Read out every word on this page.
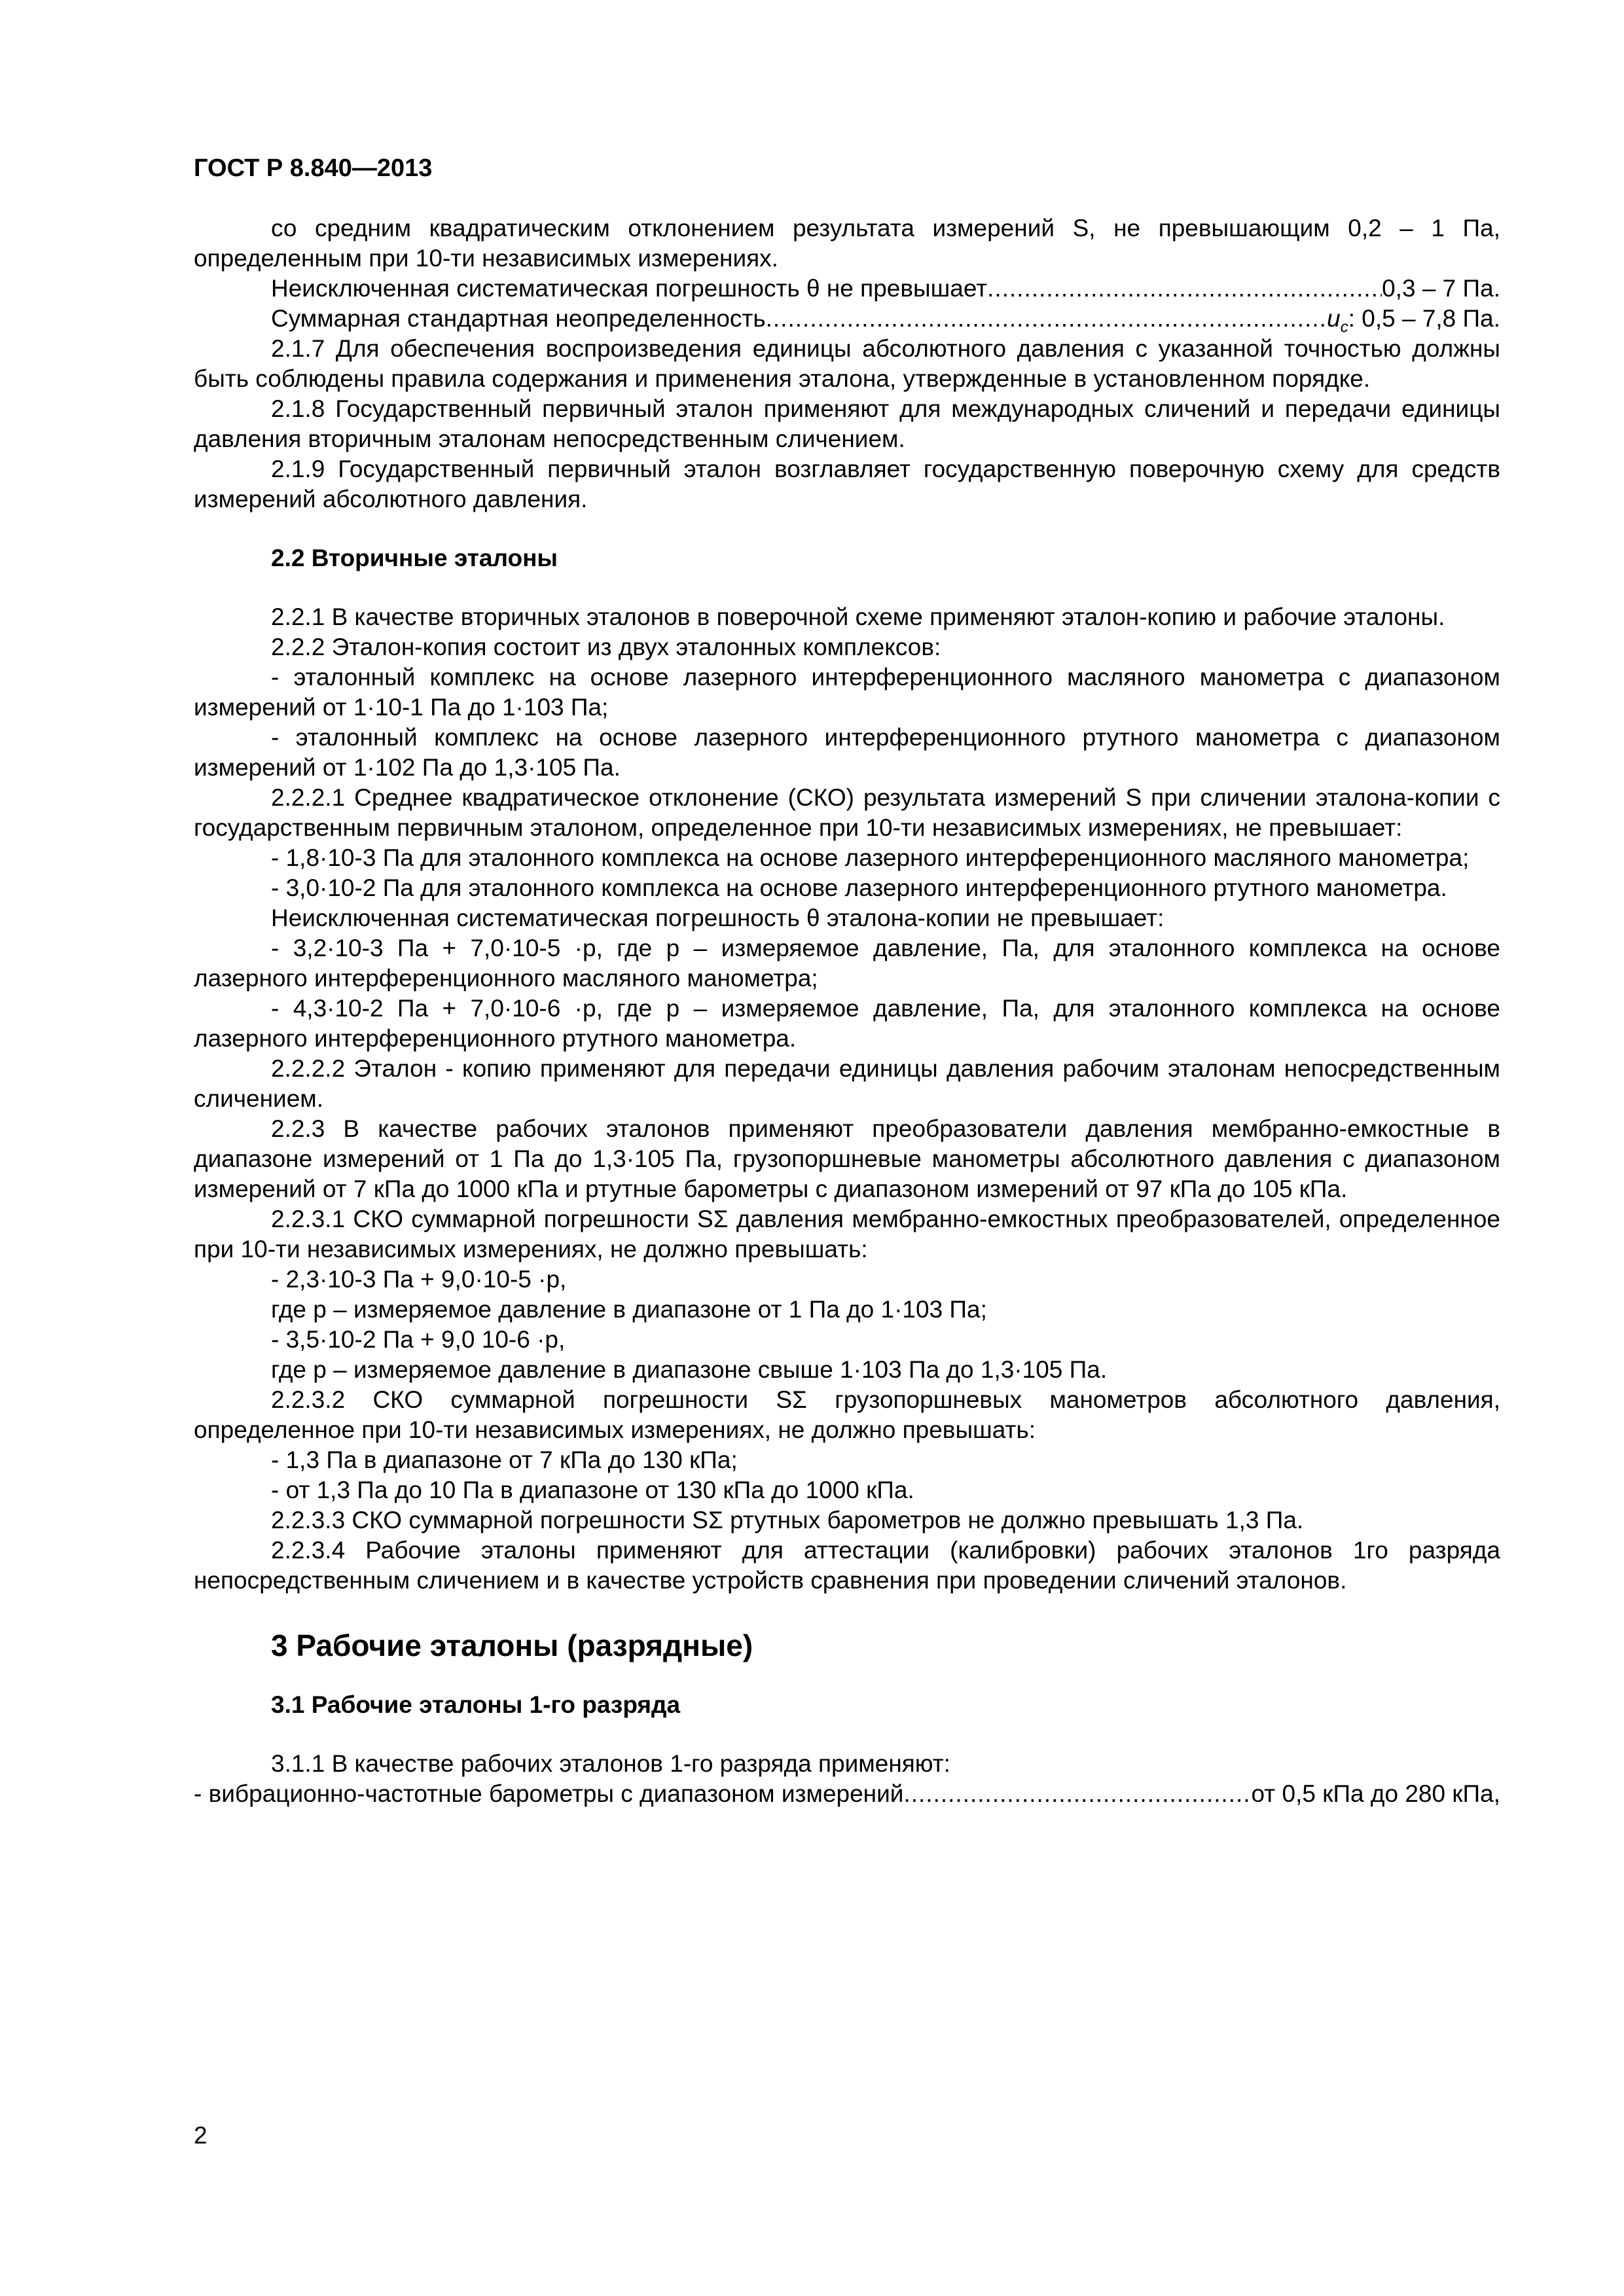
ГОСТ Р 8.840—2013

со средним квадратическим отклонением результата измерений S, не превышающим 0,2 – 1 Па, определенным при 10-ти независимых измерениях.

Неисключенная систематическая погрешность θ не превышает .....	0,3 – 7 Па.
Суммарная стандартная неопределенность .....	$u_c$: 0,5 – 7,8 Па.

2.1.7 Для обеспечения воспроизведения единицы абсолютного давления с указанной точностью должны быть соблюдены правила содержания и применения эталона, утвержденные в установленном порядке.

2.1.8 Государственный первичный эталон применяют для международных сличений и передачи единицы давления вторичным эталонам непосредственным сличением.

2.1.9 Государственный первичный эталон возглавляет государственную поверочную схему для средств измерений абсолютного давления.

2.2 Вторичные эталоны

2.2.1 В качестве вторичных эталонов в поверочной схеме применяют эталон-копию и рабочие эталоны.

2.2.2 Эталон-копия состоит из двух эталонных комплексов:

- эталонный комплекс на основе лазерного интерференционного масляного манометра с диапазоном измерений от 1·10-1 Па до 1·103 Па;

- эталонный комплекс на основе лазерного интерференционного ртутного манометра с диапазоном измерений от 1·102 Па до 1,3·105 Па.

2.2.2.1 Среднее квадратическое отклонение (СКО) результата измерений S при сличении эталона-копии с государственным первичным эталоном, определенное при 10-ти независимых измерениях, не превышает:

- 1,8·10-3 Па для эталонного комплекса на основе лазерного интерференционного масляного манометра;

- 3,0·10-2 Па для эталонного комплекса на основе лазерного интерференционного ртутного манометра.

Неисключенная систематическая погрешность θ эталона-копии не превышает:

- 3,2·10-3 Па + 7,0·10-5 ·p, где p – измеряемое давление, Па, для эталонного комплекса на основе лазерного интерференционного масляного манометра;

- 4,3·10-2 Па + 7,0·10-6 ·p, где p – измеряемое давление, Па, для эталонного комплекса на основе лазерного интерференционного ртутного манометра.

2.2.2.2 Эталон - копию применяют для передачи единицы давления рабочим эталонам непосредственным сличением.

2.2.3 В качестве рабочих эталонов применяют преобразователи давления мембранно-емкостные в диапазоне измерений от 1 Па до 1,3·105 Па, грузопоршневые манометры абсолютного давления с диапазоном измерений от 7 кПа до 1000 кПа и ртутные барометры с диапазоном измерений от 97 кПа до 105 кПа.

2.2.3.1 СКО суммарной погрешности SΣ давления мембранно-емкостных преобразователей, определенное при 10-ти независимых измерениях, не должно превышать:

- 2,3·10-3 Па + 9,0·10-5 ·p,

где p – измеряемое давление в диапазоне от 1 Па до 1·103 Па;

- 3,5·10-2 Па + 9,0 10-6 ·p,

где p – измеряемое давление в диапазоне свыше 1·103 Па до 1,3·105 Па.

2.2.3.2 СКО суммарной погрешности SΣ грузопоршневых манометров абсолютного давления, определенное при 10-ти независимых измерениях, не должно превышать:

- 1,3 Па в диапазоне от 7 кПа до 130 кПа;

- от 1,3 Па до 10 Па в диапазоне от 130 кПа до 1000 кПа.

2.2.3.3 СКО суммарной погрешности SΣ ртутных барометров не должно превышать 1,3 Па.

2.2.3.4 Рабочие эталоны применяют для аттестации (калибровки) рабочих эталонов 1го разряда непосредственным сличением и в качестве устройств сравнения при проведении сличений эталонов.

3 Рабочие эталоны (разрядные)
3.1 Рабочие эталоны 1-го разряда

3.1.1 В качестве рабочих эталонов 1-го разряда применяют:

- вибрационно-частотные барометры с диапазоном измерений .....	от 0,5 кПа до 280 кПа,
2
